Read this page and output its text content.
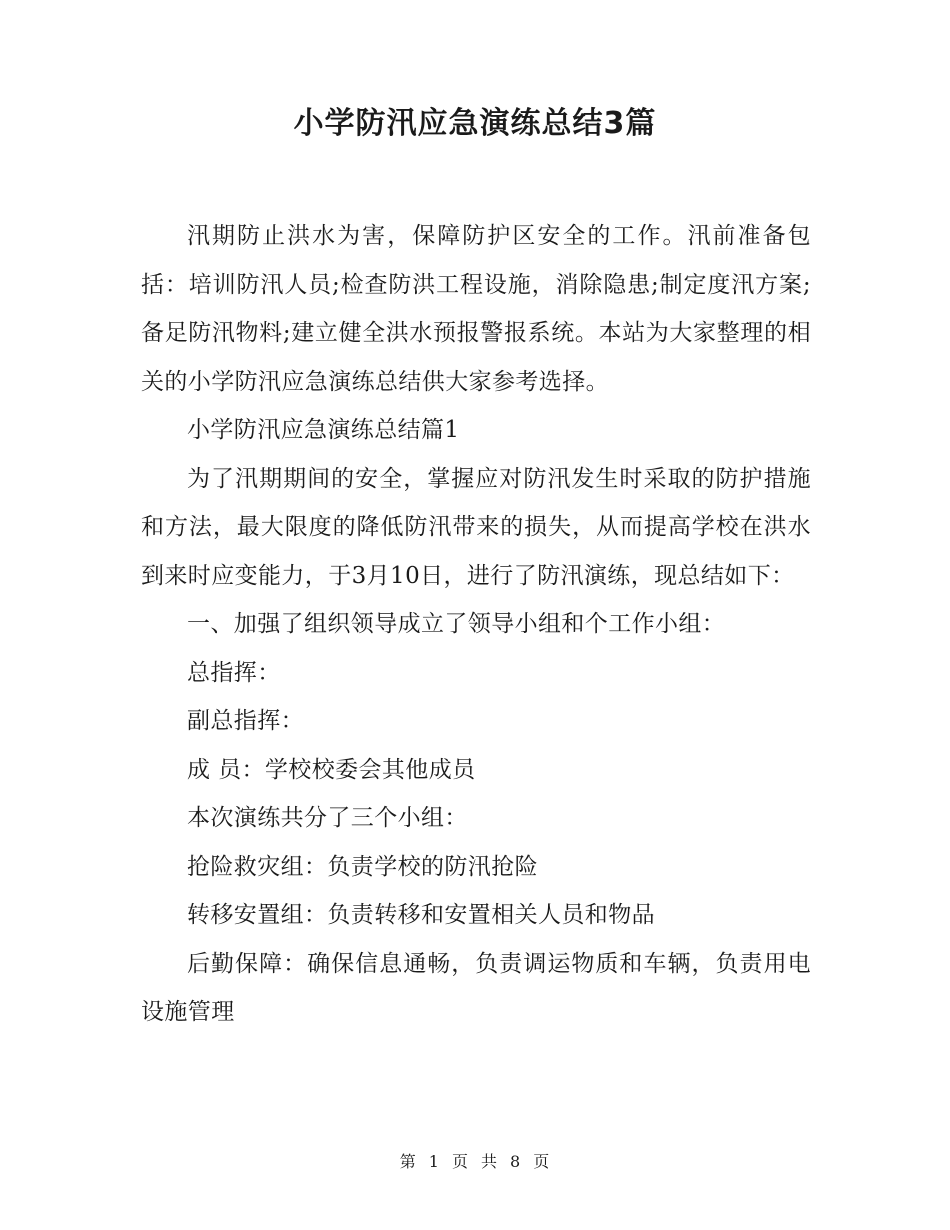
小学防汛应急演练总结3篇

汛期防止洪水为害，保障防护区安全的工作。汛前准备包括：培训防汛人员;检查防洪工程设施，消除隐患;制定度汛方案;备足防汛物料;建立健全洪水预报警报系统。本站为大家整理的相关的小学防汛应急演练总结供大家参考选择。

小学防汛应急演练总结篇1

为了汛期期间的安全，掌握应对防汛发生时采取的防护措施和方法，最大限度的降低防汛带来的损失，从而提高学校在洪水到来时应变能力，于3月10日，进行了防汛演练，现总结如下：

一、加强了组织领导成立了领导小组和个工作小组：

总指挥：

副总指挥：

成 员：学校校委会其他成员

本次演练共分了三个小组：

抢险救灾组：负责学校的防汛抢险

转移安置组：负责转移和安置相关人员和物品

后勤保障：确保信息通畅，负责调运物质和车辆，负责用电设施管理

第 1 页 共 8 页
